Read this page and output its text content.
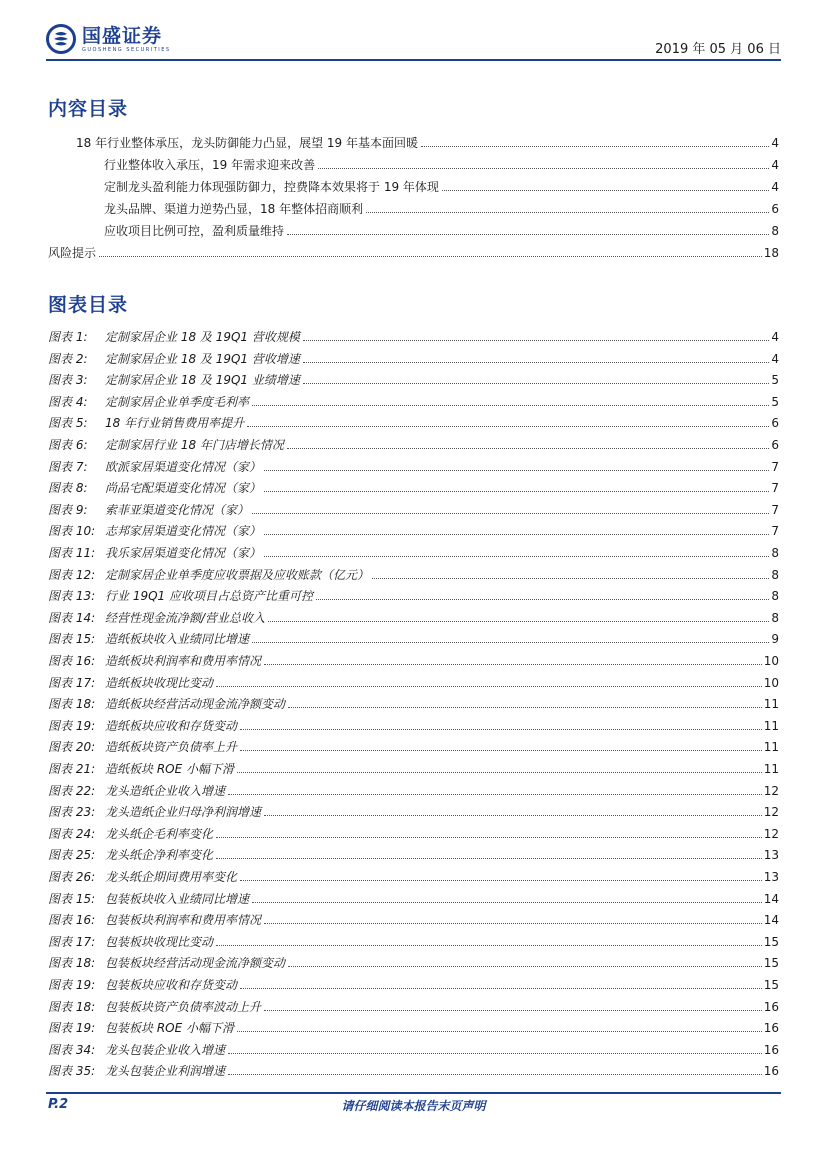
国盛证券
GUOSHENG SECURITIES	2019 年 05 月 06 日
内容目录
18 年行业整体承压，龙头防御能力凸显，展望 19 年基本面回暖	4
行业整体收入承压，19 年需求迎来改善	4
定制龙头盈利能力体现强防御力，控费降本效果将于 19 年体现	4
龙头品牌、渠道力逆势凸显，18 年整体招商顺利	6
应收项目比例可控，盈利质量维持	8
风险提示	18
图表目录
图表 1:	定制家居企业 18 及 19Q1 营收规模	4
图表 2:	定制家居企业 18 及 19Q1 营收增速	4
图表 3:	定制家居企业 18 及 19Q1 业绩增速	5
图表 4:	定制家居企业单季度毛利率	5
图表 5:	18 年行业销售费用率提升	6
图表 6:	定制家居行业 18 年门店增长情况	6
图表 7:	欧派家居渠道变化情况（家）	7
图表 8:	尚品宅配渠道变化情况（家）	7
图表 9:	索菲亚渠道变化情况（家）	7
图表 10: 志邦家居渠道变化情况（家）	7
图表 11: 我乐家居渠道变化情况（家）	8
图表 12: 定制家居企业单季度应收票据及应收账款（亿元）	8
图表 13: 行业 19Q1 应收项目占总资产比重可控	8
图表 14: 经营性现金流净额/营业总收入	8
图表 15: 造纸板块收入业绩同比增速	9
图表 16: 造纸板块利润率和费用率情况	10
图表 17: 造纸板块收现比变动	10
图表 18: 造纸板块经营活动现金流净额变动	11
图表 19: 造纸板块应收和存货变动	11
图表 20: 造纸板块资产负债率上升	11
图表 21: 造纸板块 ROE 小幅下滑	11
图表 22: 龙头造纸企业收入增速	12
图表 23: 龙头造纸企业归母净利润增速	12
图表 24: 龙头纸企毛利率变化	12
图表 25: 龙头纸企净利率变化	13
图表 26: 龙头纸企期间费用率变化	13
图表 15: 包装板块收入业绩同比增速	14
图表 16: 包装板块利润率和费用率情况	14
图表 17: 包装板块收现比变动	15
图表 18: 包装板块经营活动现金流净额变动	15
图表 19: 包装板块应收和存货变动	15
图表 18: 包装板块资产负债率波动上升	16
图表 19: 包装板块 ROE 小幅下滑	16
图表 34: 龙头包装企业收入增速	16
图表 35: 龙头包装企业利润增速	16
P.2	请仔细阅读本报告末页声明
